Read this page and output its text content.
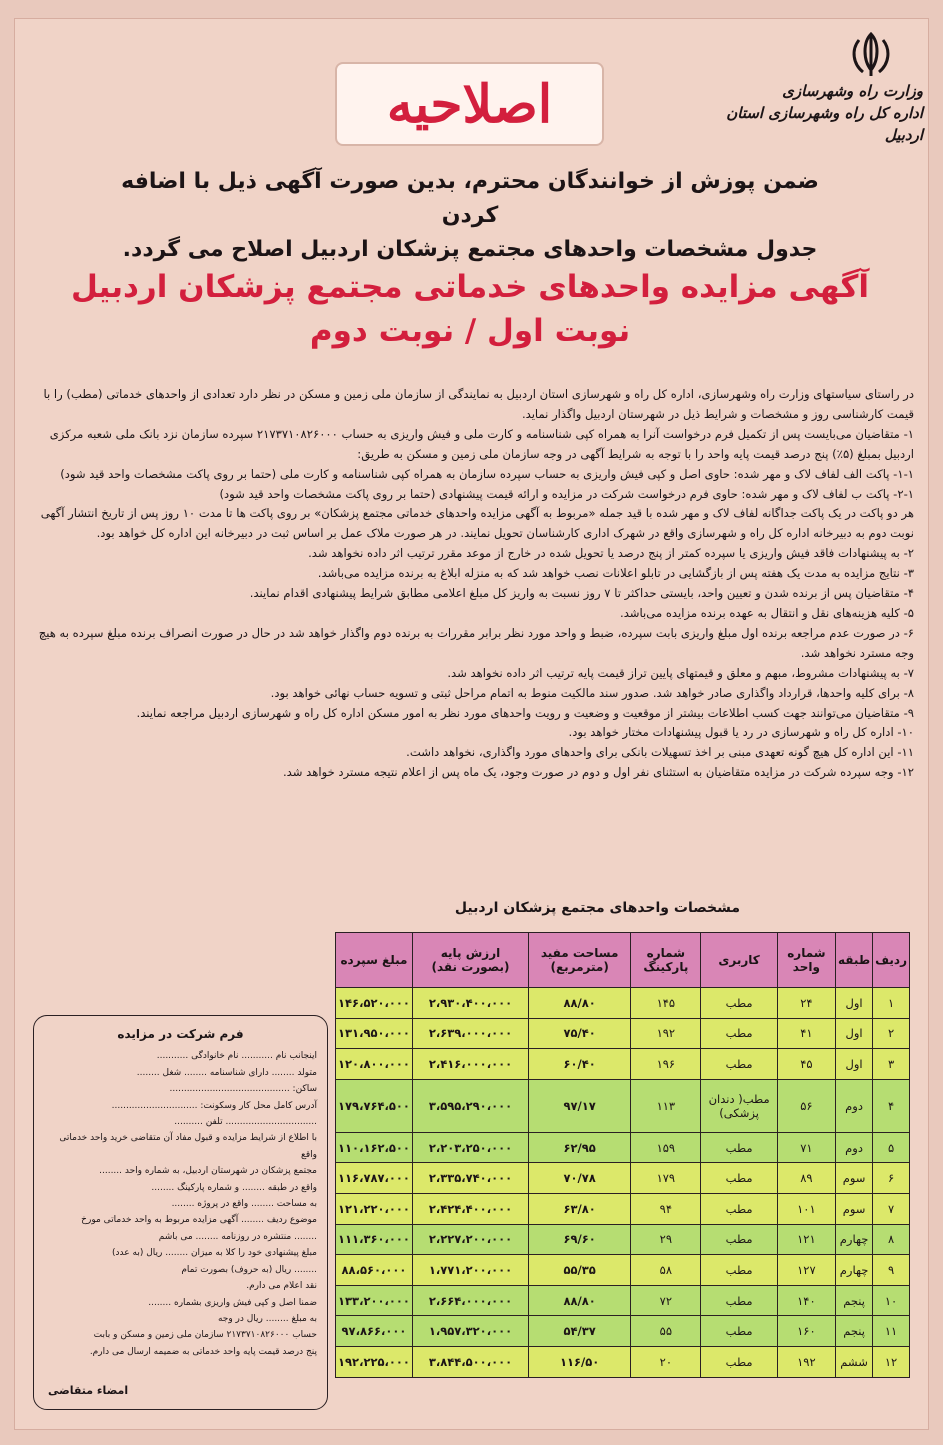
وزارت راه وشهرسازی
اداره کل راه وشهرسازی استان
اردبیل
اصلاحیه
ضمن پوزش از خوانندگان محترم، بدین صورت آگهی ذیل با اضافه کردن
جدول مشخصات واحدهای مجتمع پزشکان اردبیل اصلاح می گردد.
آگهی مزایده واحدهای خدماتی مجتمع پزشکان اردبیل
نوبت اول / نوبت دوم

در راستای سیاستهای وزارت راه وشهرسازی، اداره کل راه و شهرسازی استان اردبیل به نمایندگی از سازمان ملی زمین و مسکن در نظر دارد تعدادی از واحدهای خدماتی (مطب) را با قیمت کارشناسی روز و مشخصات و شرایط ذیل در شهرستان اردبیل واگذار نماید.

۱- متقاضیان می‌بایست پس از تکمیل فرم درخواست آنرا به همراه کپی شناسنامه و کارت ملی و فیش واریزی به حساب ۲۱۷۳۷۱۰۸۲۶۰۰۰ سپرده سازمان نزد بانک ملی شعبه مرکزی اردبیل بمبلغ (۵٪) پنج درصد قیمت پایه واحد را با توجه به شرایط آگهی در وجه سازمان ملی زمین و مسکن به طریق:

۱-۱- پاکت الف لفاف لاک و مهر شده: حاوی اصل و کپی فیش واریزی به حساب سپرده سازمان به همراه کپی شناسنامه و کارت ملی (حتما بر روی پاکت مشخصات واحد قید شود)

۲-۱- پاکت ب لفاف لاک و مهر شده: حاوی فرم درخواست شرکت در مزایده و ارائه قیمت پیشنهادی (حتما بر روی پاکت مشخصات واحد قید شود)

هر دو پاکت در یک پاکت جداگانه لفاف لاک و مهر شده با قید جمله «مربوط به آگهی مزایده واحدهای خدماتی مجتمع پزشکان» بر روی پاکت ها تا مدت ۱۰ روز پس از تاریخ انتشار آگهی نوبت دوم به دبیرخانه اداره کل راه و شهرسازی واقع در شهرک اداری کارشناسان تحویل نمایند. در هر صورت ملاک عمل بر اساس ثبت در دبیرخانه این اداره کل خواهد بود.

۲- به پیشنهادات فاقد فیش واریزی یا سپرده کمتر از پنج درصد یا تحویل شده در خارج از موعد مقرر ترتیب اثر داده نخواهد شد.

۳- نتایج مزایده به مدت یک هفته پس از بازگشایی در تابلو اعلانات نصب خواهد شد که به منزله ابلاغ به برنده مزایده می‌باشد.

۴- متقاضیان پس از برنده شدن و تعیین واحد، بایستی حداکثر تا ۷ روز نسبت به واریز کل مبلغ اعلامی مطابق شرایط پیشنهادی اقدام نمایند.

۵- کلیه هزینه‌های نقل و انتقال به عهده برنده مزایده می‌باشد.

۶- در صورت عدم مراجعه برنده اول مبلغ واریزی بابت سپرده، ضبط و واحد مورد نظر برابر مقررات به برنده دوم واگذار خواهد شد در حال در صورت انصراف برنده مبلغ سپرده به هیچ وجه مسترد نخواهد شد.

۷- به پیشنهادات مشروط، مبهم و معلق و قیمتهای پایین تراز قیمت پایه ترتیب اثر داده نخواهد شد.

۸- برای کلیه واحدها، قرارداد واگذاری صادر خواهد شد. صدور سند مالکیت منوط به اتمام مراحل ثبتی و تسویه حساب نهائی خواهد بود.

۹- متقاضیان می‌توانند جهت کسب اطلاعات بیشتر از موقعیت و وضعیت و رویت واحدهای مورد نظر به امور مسکن اداره کل راه و شهرسازی اردبیل مراجعه نمایند.

۱۰- اداره کل راه و شهرسازی در رد یا قبول پیشنهادات مختار خواهد بود.

۱۱- این اداره کل هیچ گونه تعهدی مبنی بر اخذ تسهیلات بانکی برای واحدهای مورد واگذاری، نخواهد داشت.

۱۲- وجه سپرده شرکت در مزایده متقاضیان به استثنای نفر اول و دوم در صورت وجود، یک ماه پس از اعلام نتیجه مسترد خواهد شد.

مشخصات واحدهای مجتمع پزشکان اردبیل
ردیف	طبقه	شماره واحد	کاربری	شماره پارکینگ	مساحت مفید (مترمربع)	ارزش پایه (بصورت نقد)	مبلغ سپرده
۱	اول	۲۴	مطب	۱۴۵	۸۸/۸۰	۲،۹۳۰،۴۰۰،۰۰۰	۱۴۶،۵۲۰،۰۰۰
۲	اول	۴۱	مطب	۱۹۲	۷۵/۴۰	۲،۶۳۹،۰۰۰،۰۰۰	۱۳۱،۹۵۰،۰۰۰
۳	اول	۴۵	مطب	۱۹۶	۶۰/۴۰	۲،۴۱۶،۰۰۰،۰۰۰	۱۲۰،۸۰۰،۰۰۰
۴	دوم	۵۶	مطب( دندان پزشکی)	۱۱۳	۹۷/۱۷	۳،۵۹۵،۲۹۰،۰۰۰	۱۷۹،۷۶۴،۵۰۰
۵	دوم	۷۱	مطب	۱۵۹	۶۲/۹۵	۲،۲۰۳،۲۵۰،۰۰۰	۱۱۰،۱۶۲،۵۰۰
۶	سوم	۸۹	مطب	۱۷۹	۷۰/۷۸	۲،۳۳۵،۷۴۰،۰۰۰	۱۱۶،۷۸۷،۰۰۰
۷	سوم	۱۰۱	مطب	۹۴	۶۳/۸۰	۲،۴۲۴،۴۰۰،۰۰۰	۱۲۱،۲۲۰،۰۰۰
۸	چهارم	۱۲۱	مطب	۲۹	۶۹/۶۰	۲،۲۲۷،۲۰۰،۰۰۰	۱۱۱،۳۶۰،۰۰۰
۹	چهارم	۱۲۷	مطب	۵۸	۵۵/۳۵	۱،۷۷۱،۲۰۰،۰۰۰	۸۸،۵۶۰،۰۰۰
۱۰	پنجم	۱۴۰	مطب	۷۲	۸۸/۸۰	۲،۶۶۴،۰۰۰،۰۰۰	۱۳۳،۲۰۰،۰۰۰
۱۱	پنجم	۱۶۰	مطب	۵۵	۵۴/۳۷	۱،۹۵۷،۳۲۰،۰۰۰	۹۷،۸۶۶،۰۰۰
۱۲	ششم	۱۹۲	مطب	۲۰	۱۱۶/۵۰	۳،۸۴۴،۵۰۰،۰۰۰	۱۹۲،۲۲۵،۰۰۰
فرم شرکت در مزایده
اینجانب نام ........... نام خانوادگی ...........
متولد ........ دارای شناسنامه ........ شغل ........
ساکن: ..........................................
آدرس کامل محل کار وسکونت: ..............................
................................ تلفن ..........
با اطلاع از شرایط مزایده و قبول مفاد آن متقاضی خرید واحد خدماتی واقع
مجتمع پزشکان در شهرستان اردبیل، به شماره واحد ........
واقع در طبقه ........ و شماره پارکینگ ........
به مساحت ........ واقع در پروژه ........
موضوع ردیف ........ آگهی مزایده مربوط به واحد خدماتی مورخ
........ منتشره در روزنامه ........ می باشم
مبلغ پیشنهادی خود را کلا به میزان ........ ریال (به عدد)
........ ریال (به حروف) بصورت تمام
نقد اعلام می دارم.
ضمنا اصل و کپی فیش واریزی بشماره ........
به مبلغ ........ ریال در وجه
حساب ۲۱۷۳۷۱۰۸۲۶۰۰۰ سازمان ملی زمین و مسکن و بابت
پنج درصد قیمت پایه واحد خدماتی به ضمیمه ارسال می دارم.
امضاء متقاضی
